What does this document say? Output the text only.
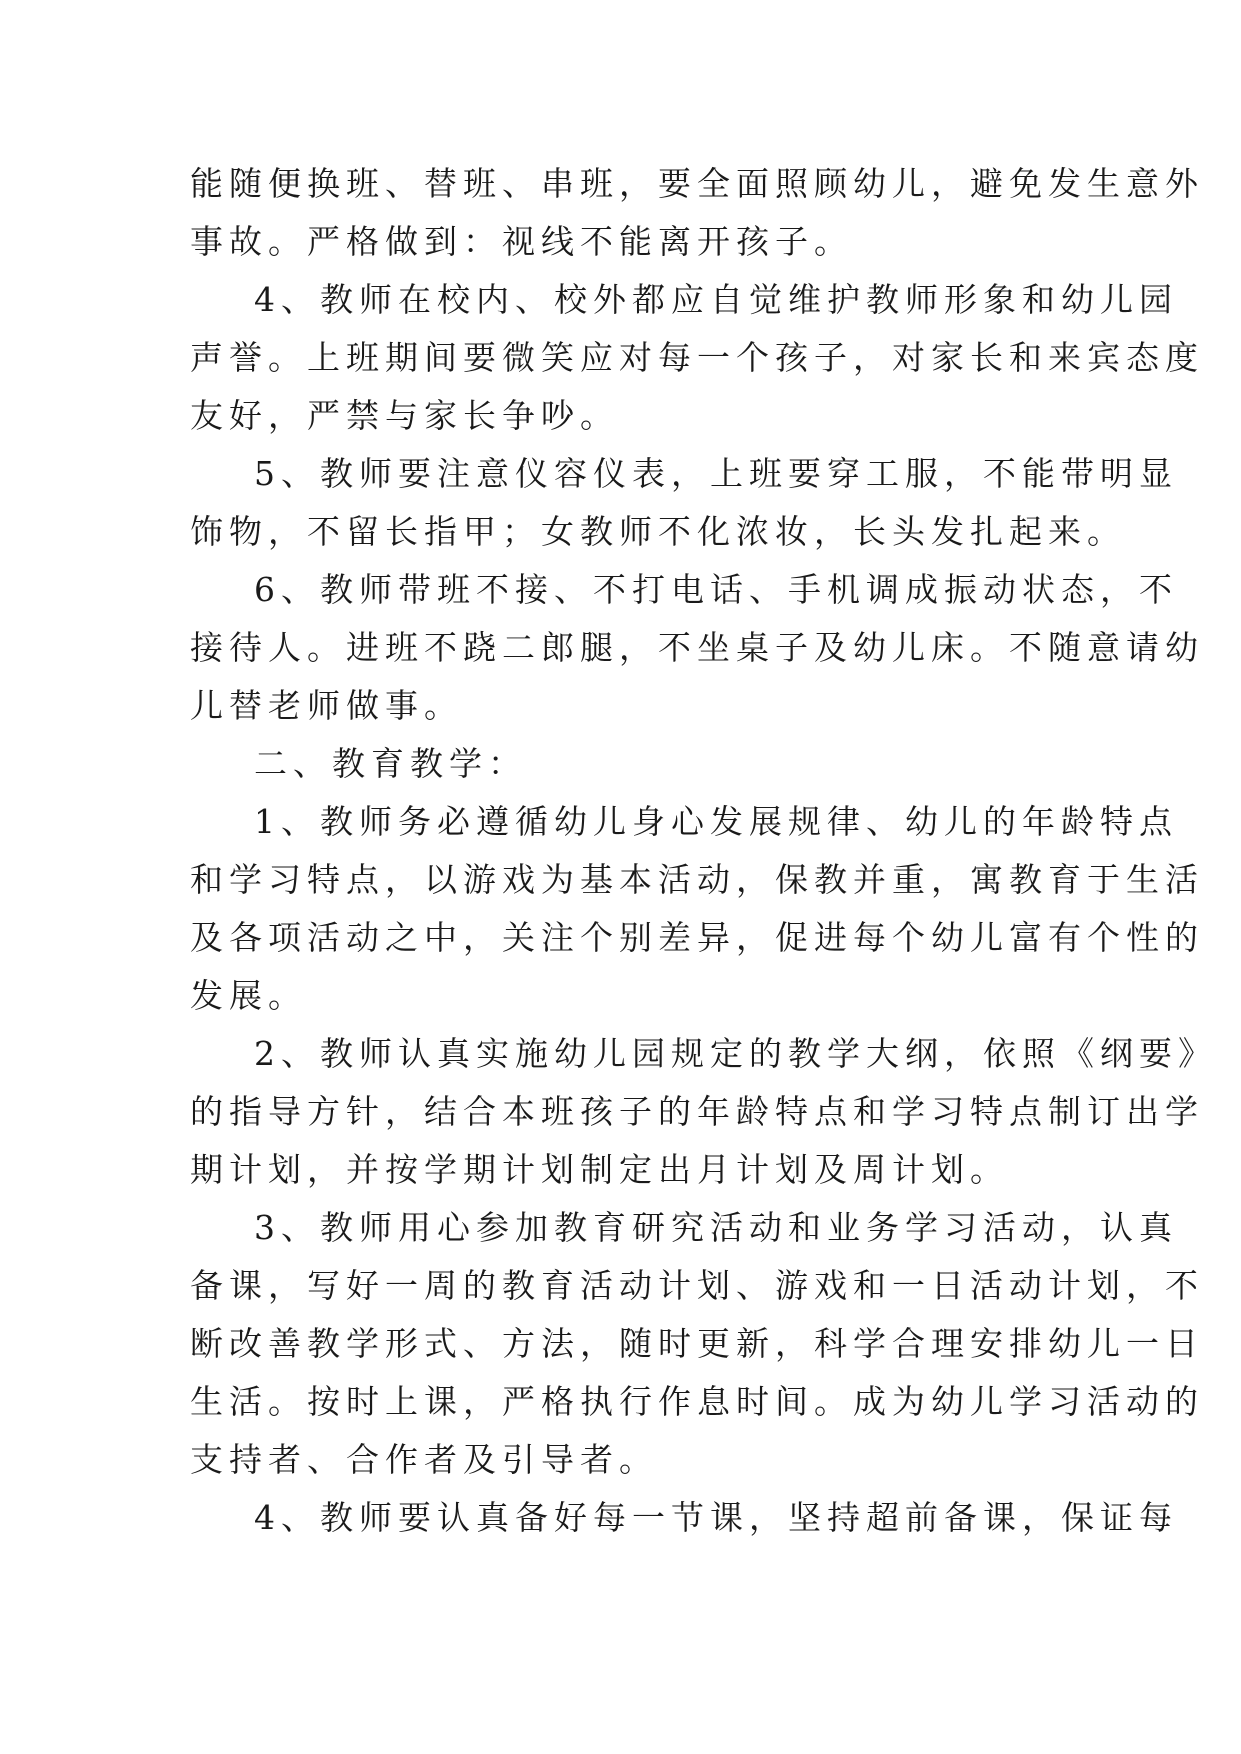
能随便换班、替班、串班，要全面照顾幼儿，避免发生意外
事故。严格做到：视线不能离开孩子。
4、教师在校内、校外都应自觉维护教师形象和幼儿园
声誉。上班期间要微笑应对每一个孩子，对家长和来宾态度
友好，严禁与家长争吵。
5、教师要注意仪容仪表，上班要穿工服，不能带明显
饰物，不留长指甲；女教师不化浓妆，长头发扎起来。
6、教师带班不接、不打电话、手机调成振动状态，不
接待人。进班不跷二郎腿，不坐桌子及幼儿床。不随意请幼
儿替老师做事。
二、教育教学：
1、教师务必遵循幼儿身心发展规律、幼儿的年龄特点
和学习特点，以游戏为基本活动，保教并重，寓教育于生活
及各项活动之中，关注个别差异，促进每个幼儿富有个性的
发展。
2、教师认真实施幼儿园规定的教学大纲，依照《纲要》
的指导方针，结合本班孩子的年龄特点和学习特点制订出学
期计划，并按学期计划制定出月计划及周计划。
3、教师用心参加教育研究活动和业务学习活动，认真
备课，写好一周的教育活动计划、游戏和一日活动计划，不
断改善教学形式、方法，随时更新，科学合理安排幼儿一日
生活。按时上课，严格执行作息时间。成为幼儿学习活动的
支持者、合作者及引导者。
4、教师要认真备好每一节课，坚持超前备课，保证每
